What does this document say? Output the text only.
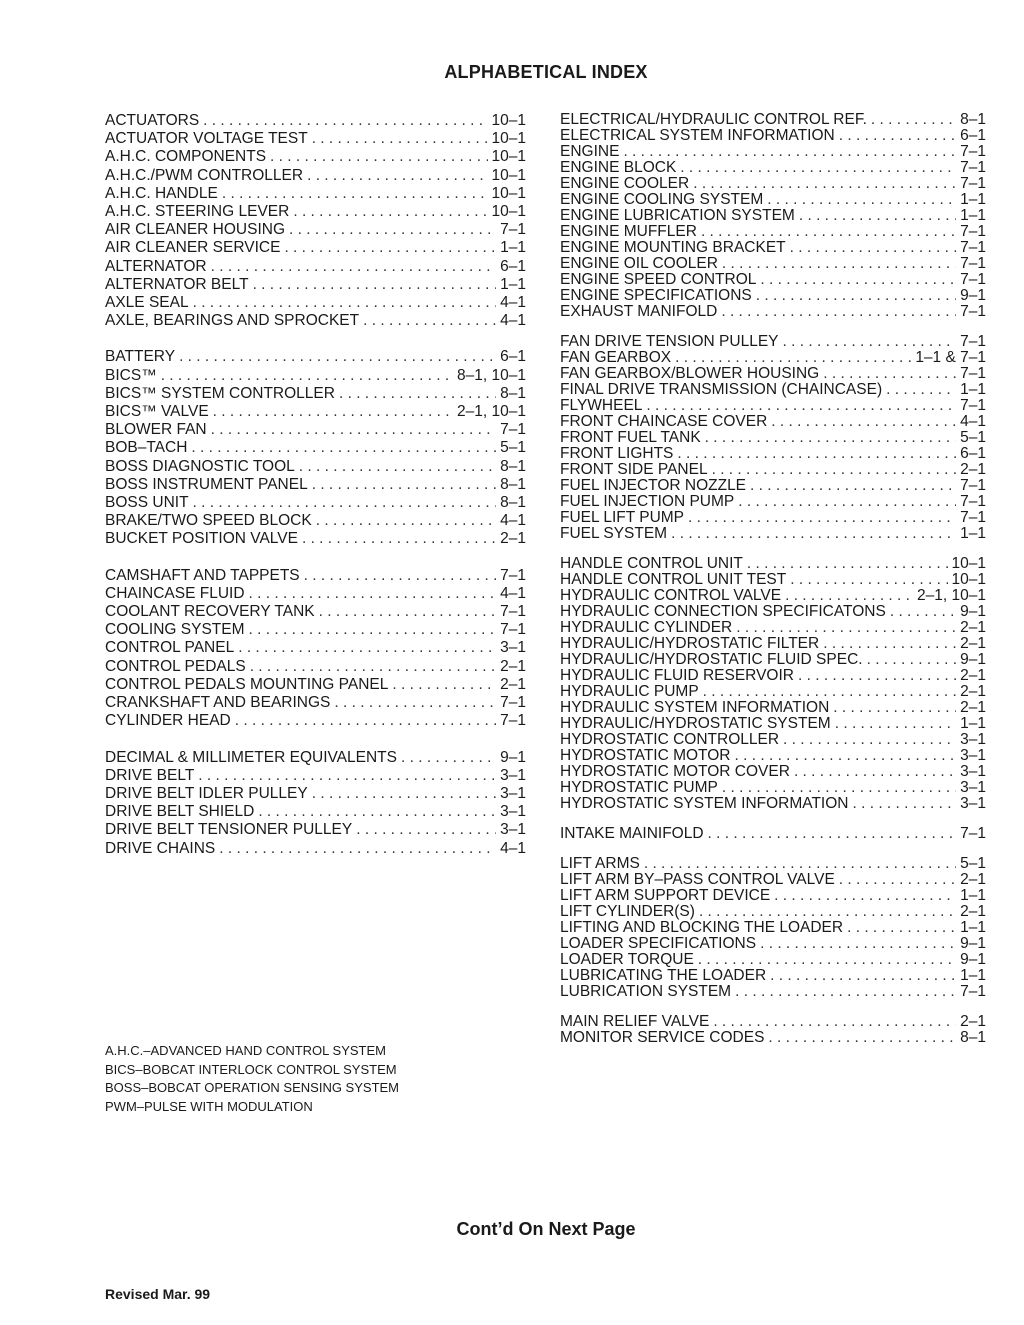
ALPHABETICAL INDEX
ACTUATORS . . .	10–1
ACTUATOR VOLTAGE TEST . . .	10–1
A.H.C. COMPONENTS . . .	10–1
A.H.C./PWM CONTROLLER . . .	10–1
A.H.C. HANDLE . . .	10–1
A.H.C. STEERING LEVER . . .	10–1
AIR CLEANER HOUSING . . .	7–1
AIR CLEANER SERVICE . . .	1–1
ALTERNATOR . . .	6–1
ALTERNATOR BELT . . .	1–1
AXLE SEAL . . .	4–1
AXLE, BEARINGS AND SPROCKET . . .	4–1
BATTERY . . .	6–1
BICS™ . . .	8–1, 10–1
BICS™ SYSTEM CONTROLLER . . .	8–1
BICS™ VALVE . . .	2–1, 10–1
BLOWER FAN . . .	7–1
BOB–TACH . . .	5–1
BOSS DIAGNOSTIC TOOL . . .	8–1
BOSS INSTRUMENT PANEL . . .	8–1
BOSS UNIT . . .	8–1
BRAKE/TWO SPEED BLOCK . . .	4–1
BUCKET POSITION VALVE . . .	2–1
CAMSHAFT AND TAPPETS . . .	7–1
CHAINCASE FLUID . . .	4–1
COOLANT RECOVERY TANK . . .	7–1
COOLING SYSTEM . . .	7–1
CONTROL PANEL . . .	3–1
CONTROL PEDALS . . .	2–1
CONTROL PEDALS MOUNTING PANEL . . .	2–1
CRANKSHAFT AND BEARINGS . . .	7–1
CYLINDER HEAD . . .	7–1
DECIMAL & MILLIMETER EQUIVALENTS . . .	9–1
DRIVE BELT . . .	3–1
DRIVE BELT IDLER PULLEY . . .	3–1
DRIVE BELT SHIELD . . .	3–1
DRIVE BELT TENSIONER PULLEY . . .	3–1
DRIVE CHAINS . . .	4–1
ELECTRICAL/HYDRAULIC CONTROL REF. . . .	8–1
ELECTRICAL SYSTEM INFORMATION . . .	6–1
ENGINE . . .	7–1
ENGINE BLOCK . . .	7–1
ENGINE COOLER . . .	7–1
ENGINE COOLING SYSTEM . . .	1–1
ENGINE LUBRICATION SYSTEM . . .	1–1
ENGINE MUFFLER . . .	7–1
ENGINE MOUNTING BRACKET . . .	7–1
ENGINE OIL COOLER . . .	7–1
ENGINE SPEED CONTROL . . .	7–1
ENGINE SPECIFICATIONS . . .	9–1
EXHAUST MANIFOLD . . .	7–1
FAN DRIVE TENSION PULLEY . . .	7–1
FAN GEARBOX . . .	1–1 & 7–1
FAN GEARBOX/BLOWER HOUSING . . .	7–1
FINAL DRIVE TRANSMISSION (CHAINCASE) . . .	1–1
FLYWHEEL . . .	7–1
FRONT CHAINCASE COVER . . .	4–1
FRONT FUEL TANK . . .	5–1
FRONT LIGHTS . . .	6–1
FRONT SIDE PANEL . . .	2–1
FUEL INJECTOR NOZZLE . . .	7–1
FUEL INJECTION PUMP . . .	7–1
FUEL LIFT PUMP . . .	7–1
FUEL SYSTEM . . .	1–1
HANDLE CONTROL UNIT . . .	10–1
HANDLE CONTROL UNIT TEST . . .	10–1
HYDRAULIC CONTROL VALVE . . .	2–1, 10–1
HYDRAULIC CONNECTION SPECIFICATONS . . .	9–1
HYDRAULIC CYLINDER . . .	2–1
HYDRAULIC/HYDROSTATIC FILTER . . .	2–1
HYDRAULIC/HYDROSTATIC FLUID SPEC. . . .	9–1
HYDRAULIC FLUID RESERVOIR . . .	2–1
HYDRAULIC PUMP . . .	2–1
HYDRAULIC SYSTEM INFORMATION . . .	2–1
HYDRAULIC/HYDROSTATIC SYSTEM . . .	1–1
HYDROSTATIC CONTROLLER . . .	3–1
HYDROSTATIC MOTOR . . .	3–1
HYDROSTATIC MOTOR COVER . . .	3–1
HYDROSTATIC PUMP . . .	3–1
HYDROSTATIC SYSTEM INFORMATION . . .	3–1
INTAKE MAINIFOLD . . .	7–1
LIFT ARMS . . .	5–1
LIFT ARM BY–PASS CONTROL VALVE . . .	2–1
LIFT ARM SUPPORT DEVICE . . .	1–1
LIFT CYLINDER(S) . . .	2–1
LIFTING AND BLOCKING THE LOADER . . .	1–1
LOADER SPECIFICATIONS . . .	9–1
LOADER TORQUE . . .	9–1
LUBRICATING THE LOADER . . .	1–1
LUBRICATION SYSTEM . . .	7–1
MAIN RELIEF VALVE . . .	2–1
MONITOR SERVICE CODES . . .	8–1
A.H.C.–ADVANCED HAND CONTROL SYSTEM
BICS–BOBCAT INTERLOCK CONTROL SYSTEM
BOSS–BOBCAT OPERATION SENSING SYSTEM
PWM–PULSE WITH MODULATION
Cont’d On Next Page
Revised Mar. 99
